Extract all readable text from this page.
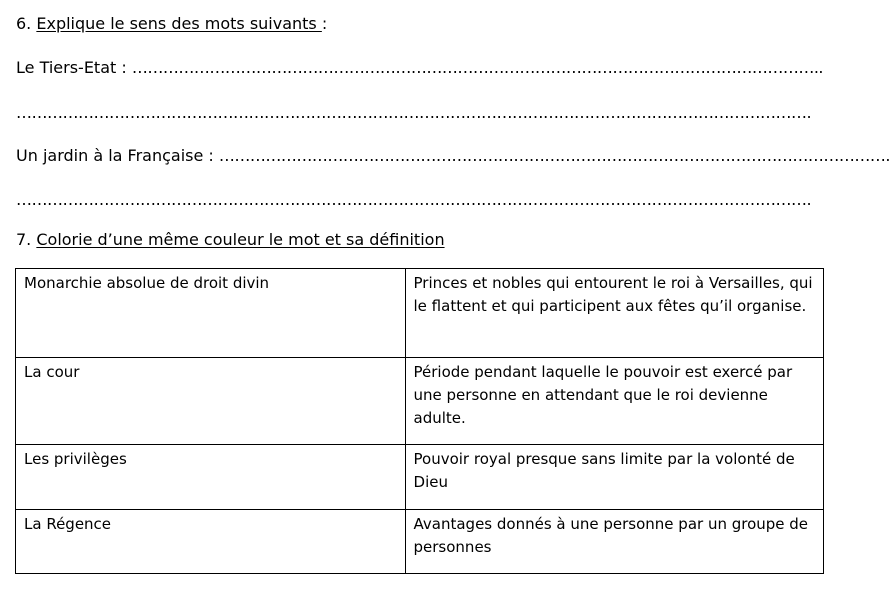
6. Explique le sens des mots suivants :
Le Tiers-Etat : ……………………………………………………………………………………………………………………..
……………………………………………………………………………………………………………………………………….
Un jardin à la Française : ………………………………………………………………………………………………………………….
……………………………………………………………………………………………………………………………………….
7. Colorie d’une même couleur le mot et sa définition
Monarchie absolue de droit divin	Princes et nobles qui entourent le roi à Versailles, qui le flattent et qui participent aux fêtes qu’il organise.
La cour	Période pendant laquelle le pouvoir est exercé par une personne en attendant que le roi devienne adulte.
Les privilèges	Pouvoir royal presque sans limite par la volonté de Dieu
La Régence	Avantages donnés à une personne par un groupe de personnes
